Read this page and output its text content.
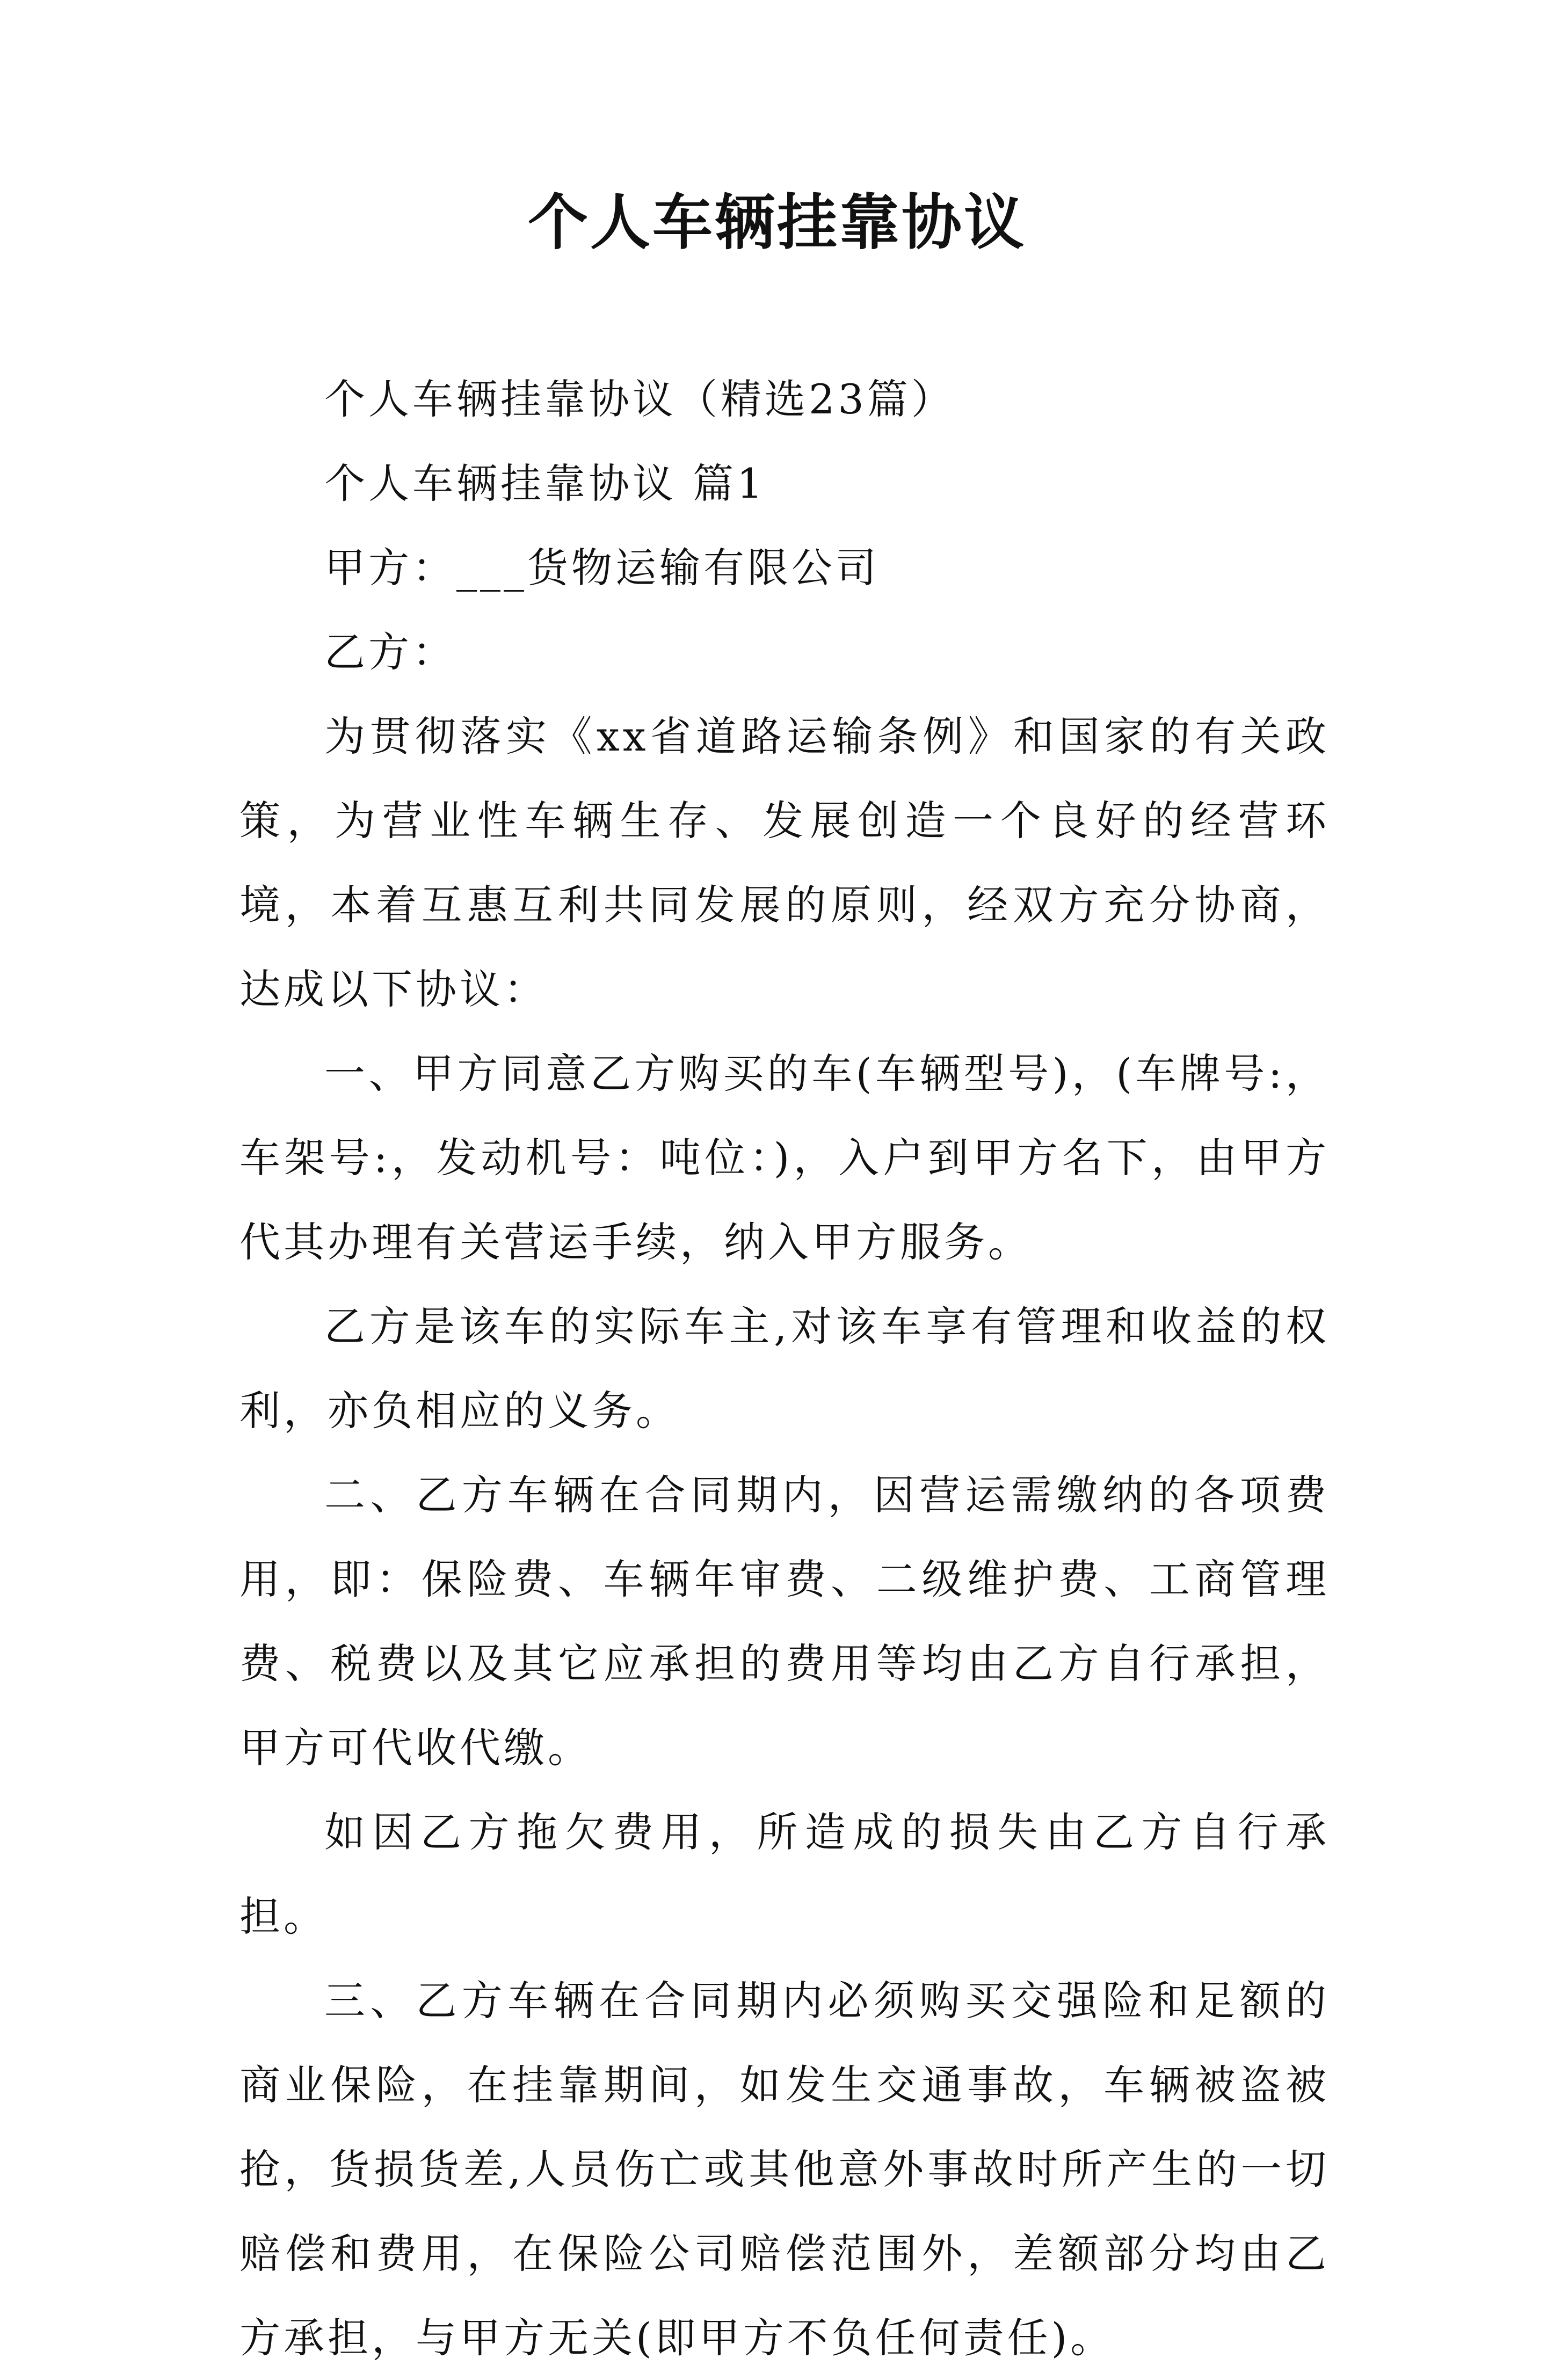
个人车辆挂靠协议

个人车辆挂靠协议（精选23篇）

个人车辆挂靠协议 篇1

甲方：___货物运输有限公司

乙方：

为贯彻落实《xx省道路运输条例》和国家的有关政策，为营业性车辆生存、发展创造一个良好的经营环境，本着互惠互利共同发展的原则，经双方充分协商，达成以下协议：

一、甲方同意乙方购买的车(车辆型号)，(车牌号:，车架号:，发动机号：吨位：)，入户到甲方名下，由甲方代其办理有关营运手续，纳入甲方服务。

乙方是该车的实际车主,对该车享有管理和收益的权利，亦负相应的义务。

二、乙方车辆在合同期内，因营运需缴纳的各项费用，即：保险费、车辆年审费、二级维护费、工商管理费、税费以及其它应承担的费用等均由乙方自行承担，甲方可代收代缴。

如因乙方拖欠费用，所造成的损失由乙方自行承担。

三、乙方车辆在合同期内必须购买交强险和足额的商业保险，在挂靠期间，如发生交通事故，车辆被盗被抢，货损货差,人员伤亡或其他意外事故时所产生的一切赔偿和费用，在保险公司赔偿范围外，差额部分均由乙方承担，与甲方无关(即甲方不负任何责任)。
